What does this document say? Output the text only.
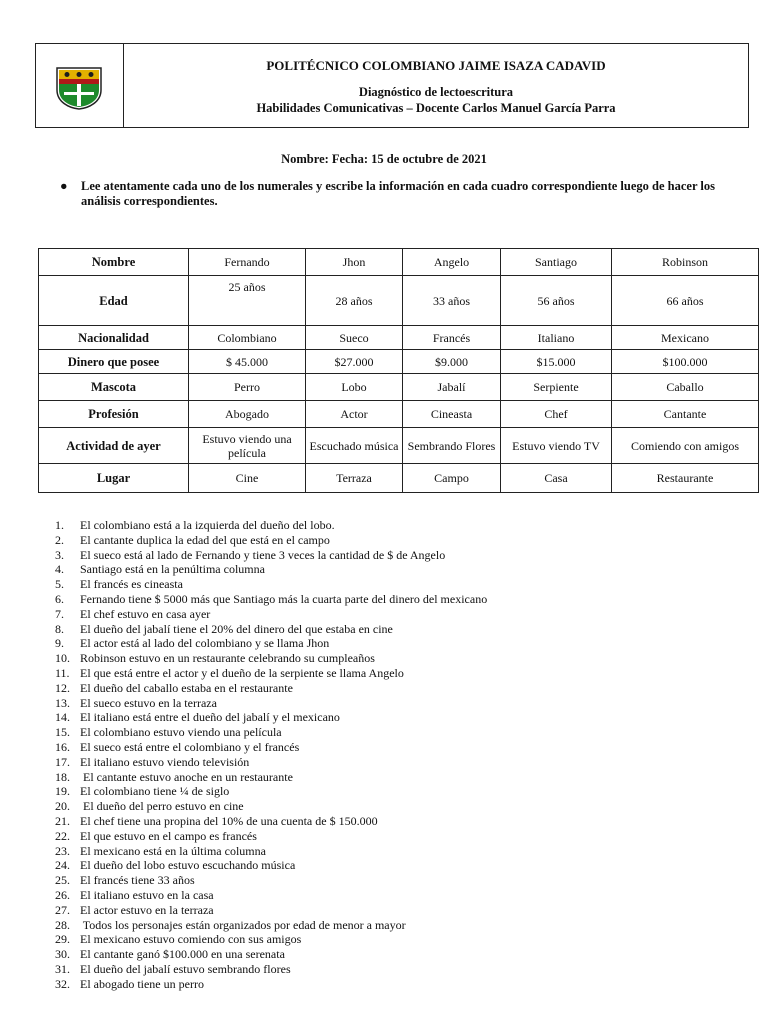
POLITÉCNICO COLOMBIANO JAIME ISAZA CADAVID
Diagnóstico de lectoescritura
Habilidades Comunicativas – Docente Carlos Manuel García Parra
Nombre: Fecha: 15 de octubre de 2021
●	Lee atentamente cada uno de los numerales y escribe la información en cada cuadro correspondiente luego de hacer los análisis correspondientes.
Nombre	Fernando	Jhon	Angelo	Santiago	Robinson
Edad	25 años	28 años	33 años	56 años	66 años
Nacionalidad	Colombiano	Sueco	Francés	Italiano	Mexicano
Dinero que posee	$ 45.000	$27.000	$9.000	$15.000	$100.000
Mascota	Perro	Lobo	Jabalí	Serpiente	Caballo
Profesión	Abogado	Actor	Cineasta	Chef	Cantante
Actividad de ayer	Estuvo viendo una película	Escuchado música	Sembrando Flores	Estuvo viendo TV	Comiendo con amigos
Lugar	Cine	Terraza	Campo	Casa	Restaurante
1. El colombiano está a la izquierda del dueño del lobo.
2. El cantante duplica la edad del que está en el campo
3. El sueco está al lado de Fernando y tiene 3 veces la cantidad de $ de Angelo
4. Santiago está en la penúltima columna
5. El francés es cineasta
6. Fernando tiene $ 5000 más que Santiago más la cuarta parte del dinero del mexicano
7. El chef estuvo en casa ayer
8. El dueño del jabalí tiene el 20% del dinero del que estaba en cine
9. El actor está al lado del colombiano y se llama Jhon
10. Robinson estuvo en un restaurante celebrando su cumpleaños
11. El que está entre el actor y el dueño de la serpiente se llama Angelo
12. El dueño del caballo estaba en el restaurante
13. El sueco estuvo en la terraza
14. El italiano está entre el dueño del jabalí y el mexicano
15. El colombiano estuvo viendo una película
16. El sueco está entre el colombiano y el francés
17. El italiano estuvo viendo televisión
18. El cantante estuvo anoche en un restaurante
19. El colombiano tiene ¼ de siglo
20. El dueño del perro estuvo en cine
21. El chef tiene una propina del 10% de una cuenta de $ 150.000
22. El que estuvo en el campo es francés
23. El mexicano está en la última columna
24. El dueño del lobo estuvo escuchando música
25. El francés tiene 33 años
26. El italiano estuvo en la casa
27. El actor estuvo en la terraza
28. Todos los personajes están organizados por edad de menor a mayor
29. El mexicano estuvo comiendo con sus amigos
30. El cantante ganó $100.000 en una serenata
31. El dueño del jabalí estuvo sembrando flores
32. El abogado tiene un perro
